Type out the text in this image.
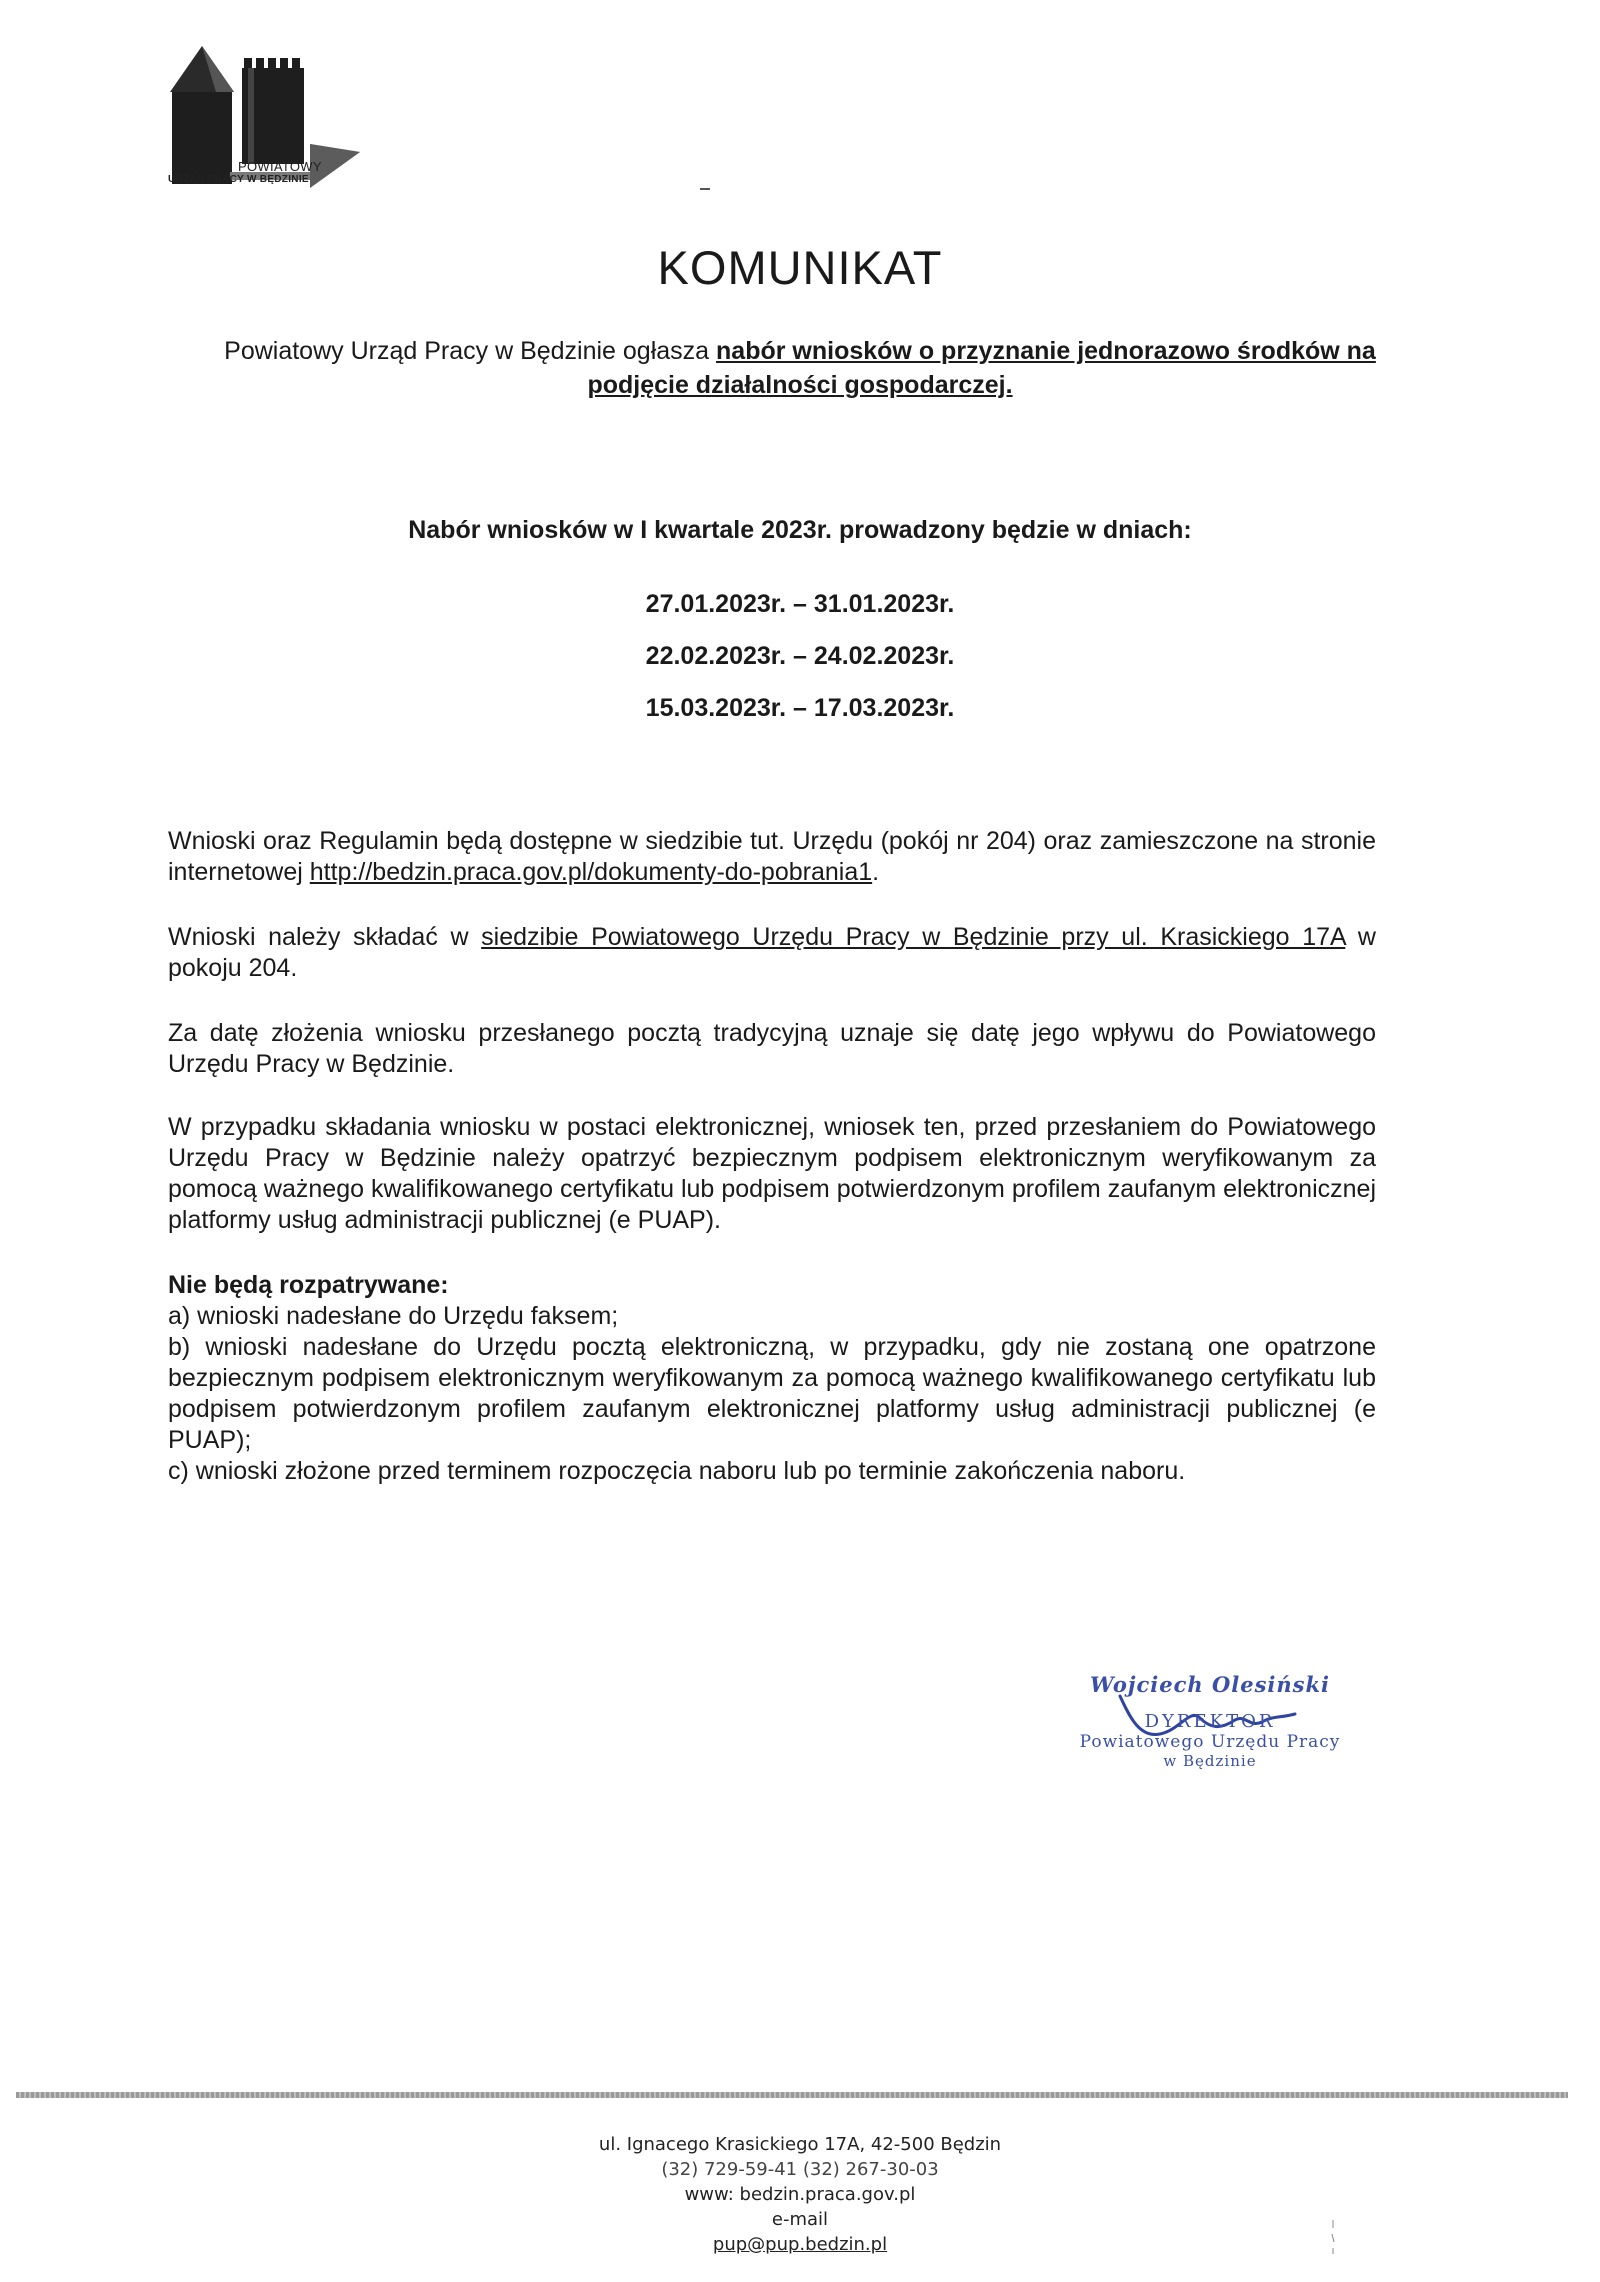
POWIATOWY
URZĄD PRACY W BĘDZINIE
KOMUNIKAT
Powiatowy Urząd Pracy w Będzinie ogłasza nabór wniosków o przyznanie jednorazowo środków na podjęcie działalności gospodarczej.
Nabór wniosków w I kwartale 2023r. prowadzony będzie w dniach:
27.01.2023r. – 31.01.2023r.
22.02.2023r. – 24.02.2023r.
15.03.2023r. – 17.03.2023r.

Wnioski oraz Regulamin będą dostępne w siedzibie tut. Urzędu (pokój nr 204) oraz zamieszczone na stronie internetowej http://bedzin.praca.gov.pl/dokumenty-do-pobrania1.

Wnioski należy składać w siedzibie Powiatowego Urzędu Pracy w Będzinie przy ul. Krasickiego 17A w pokoju 204.

Za datę złożenia wniosku przesłanego pocztą tradycyjną uznaje się datę jego wpływu do Powiatowego Urzędu Pracy w Będzinie.

W przypadku składania wniosku w postaci elektronicznej, wniosek ten, przed przesłaniem do Powiatowego Urzędu Pracy w Będzinie należy opatrzyć bezpiecznym podpisem elektronicznym weryfikowanym za pomocą ważnego kwalifikowanego certyfikatu lub podpisem potwierdzonym profilem zaufanym elektronicznej platformy usług administracji publicznej (e PUAP).

Nie będą rozpatrywane:
a) wnioski nadesłane do Urzędu faksem;
b) wnioski nadesłane do Urzędu pocztą elektroniczną, w przypadku, gdy nie zostaną one opatrzone bezpiecznym podpisem elektronicznym weryfikowanym za pomocą ważnego kwalifikowanego certyfikatu lub podpisem potwierdzonym profilem zaufanym elektronicznej platformy usług administracji publicznej (e PUAP);
c) wnioski złożone przed terminem rozpoczęcia naboru lub po terminie zakończenia naboru.
Wojciech Olesiński
DYREKTOR
Powiatowego Urzędu Pracy
w Będzinie
ul. Ignacego Krasickiego 17A, 42-500 Będzin
(32) 729-59-41 (32) 267-30-03
www: bedzin.praca.gov.pl
e-mail
pup@pup.bedzin.pl
